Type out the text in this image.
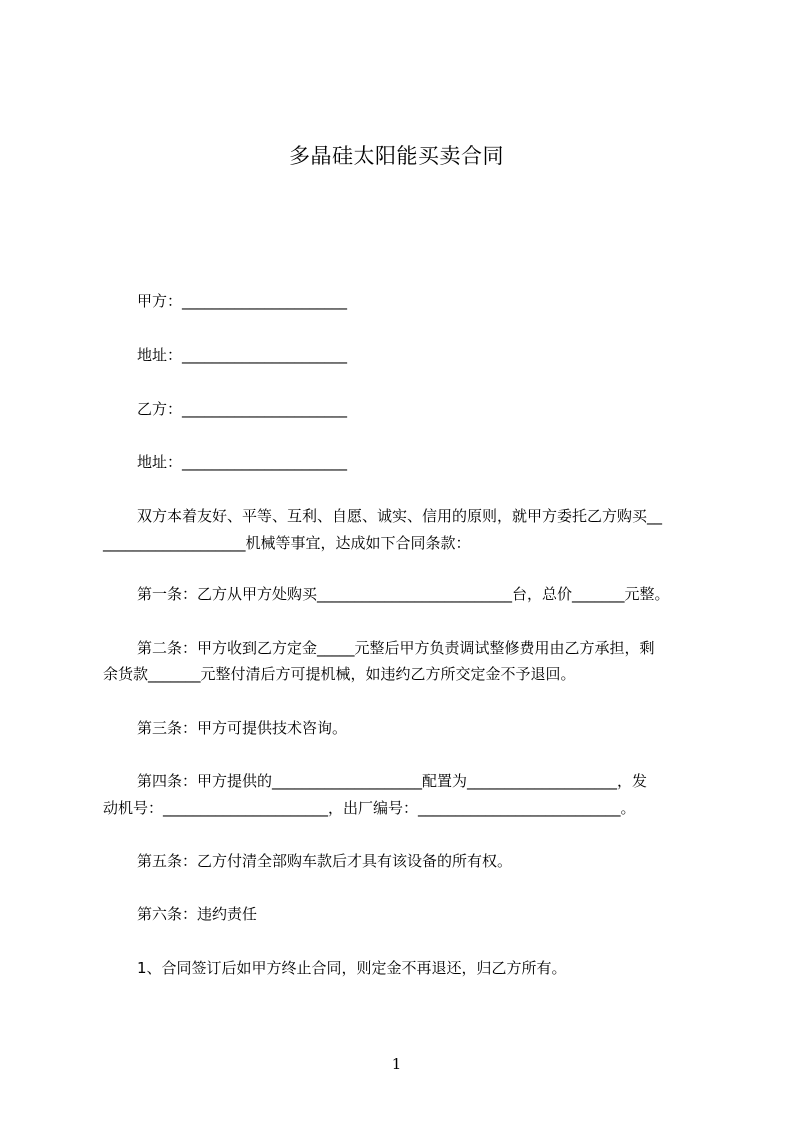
多晶硅太阳能买卖合同
甲方：______________________
地址：______________________
乙方：______________________
地址：______________________
双方本着友好、平等、互利、自愿、诚实、信用的原则，就甲方委托乙方购买__
___________________机械等事宜，达成如下合同条款：
第一条：乙方从甲方处购买__________________________台，总价_______元整。
第二条：甲方收到乙方定金_____元整后甲方负责调试整修费用由乙方承担，剩
余货款_______元整付清后方可提机械，如违约乙方所交定金不予退回。
第三条：甲方可提供技术咨询。
第四条：甲方提供的____________________配置为____________________，发
动机号：______________________，出厂编号：___________________________。
第五条：乙方付清全部购车款后才具有该设备的所有权。
第六条：违约责任
1、合同签订后如甲方终止合同，则定金不再退还，归乙方所有。
1
